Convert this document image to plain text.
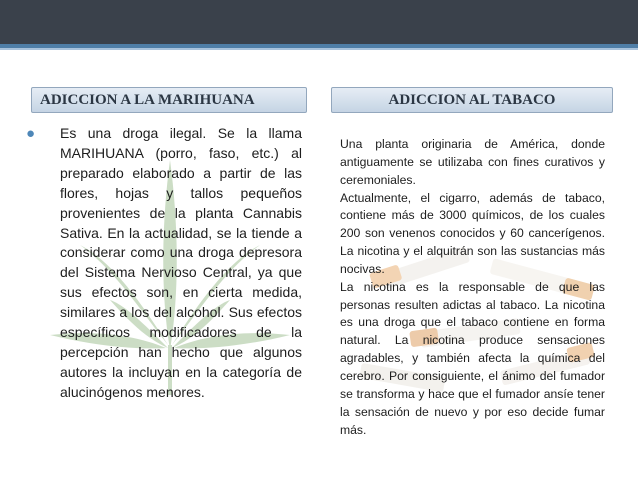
ADICCION A LA MARIHUANA	ADICCION AL TABACO
● Es una droga ilegal. Se la llama MARIHUANA (porro, faso, etc.) al preparado elaborado a partir de las flores, hojas y tallos pequeños provenientes de la planta Cannabis Sativa. En la actualidad, se la tiende a considerar como una droga depresora del Sistema Nervioso Central, ya que sus efectos son, en cierta medida, similares a los del alcohol. Sus efectos específicos modificadores de la percepción han hecho que algunos autores la incluyan en la categoría de alucinógenos menores.

Una planta originaria de América, donde antiguamente se utilizaba con fines curativos y ceremoniales.

Actualmente, el cigarro, además de tabaco, contiene más de 3000 químicos, de los cuales 200 son venenos conocidos y 60 cancerígenos. La nicotina y el alquitrán son las sustancias más nocivas.

La nicotina es la responsable de que las personas resulten adictas al tabaco. La nicotina es una droga que el tabaco contiene en forma natural. La nicotina produce sensaciones agradables, y también afecta la química del cerebro. Por consiguiente, el ánimo del fumador se transforma y hace que el fumador ansíe tener la sensación de nuevo y por eso decide fumar más.
